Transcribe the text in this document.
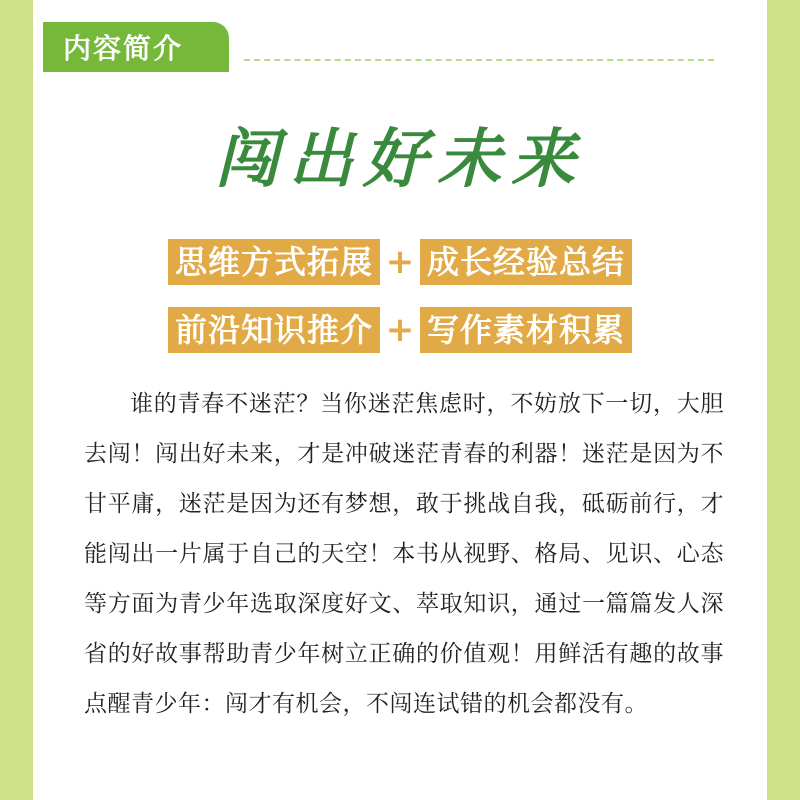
内容简介
闯出好未来
思维方式拓展 + 成长经验总结
前沿知识推介 + 写作素材积累

谁的青春不迷茫？当你迷茫焦虑时，不妨放下一切，大胆去闯！闯出好未来，才是冲破迷茫青春的利器！迷茫是因为不甘平庸，迷茫是因为还有梦想，敢于挑战自我，砥砺前行，才能闯出一片属于自己的天空！本书从视野、格局、见识、心态等方面为青少年选取深度好文、萃取知识，通过一篇篇发人深省的好故事帮助青少年树立正确的价值观！用鲜活有趣的故事点醒青少年：闯才有机会，不闯连试错的机会都没有。
